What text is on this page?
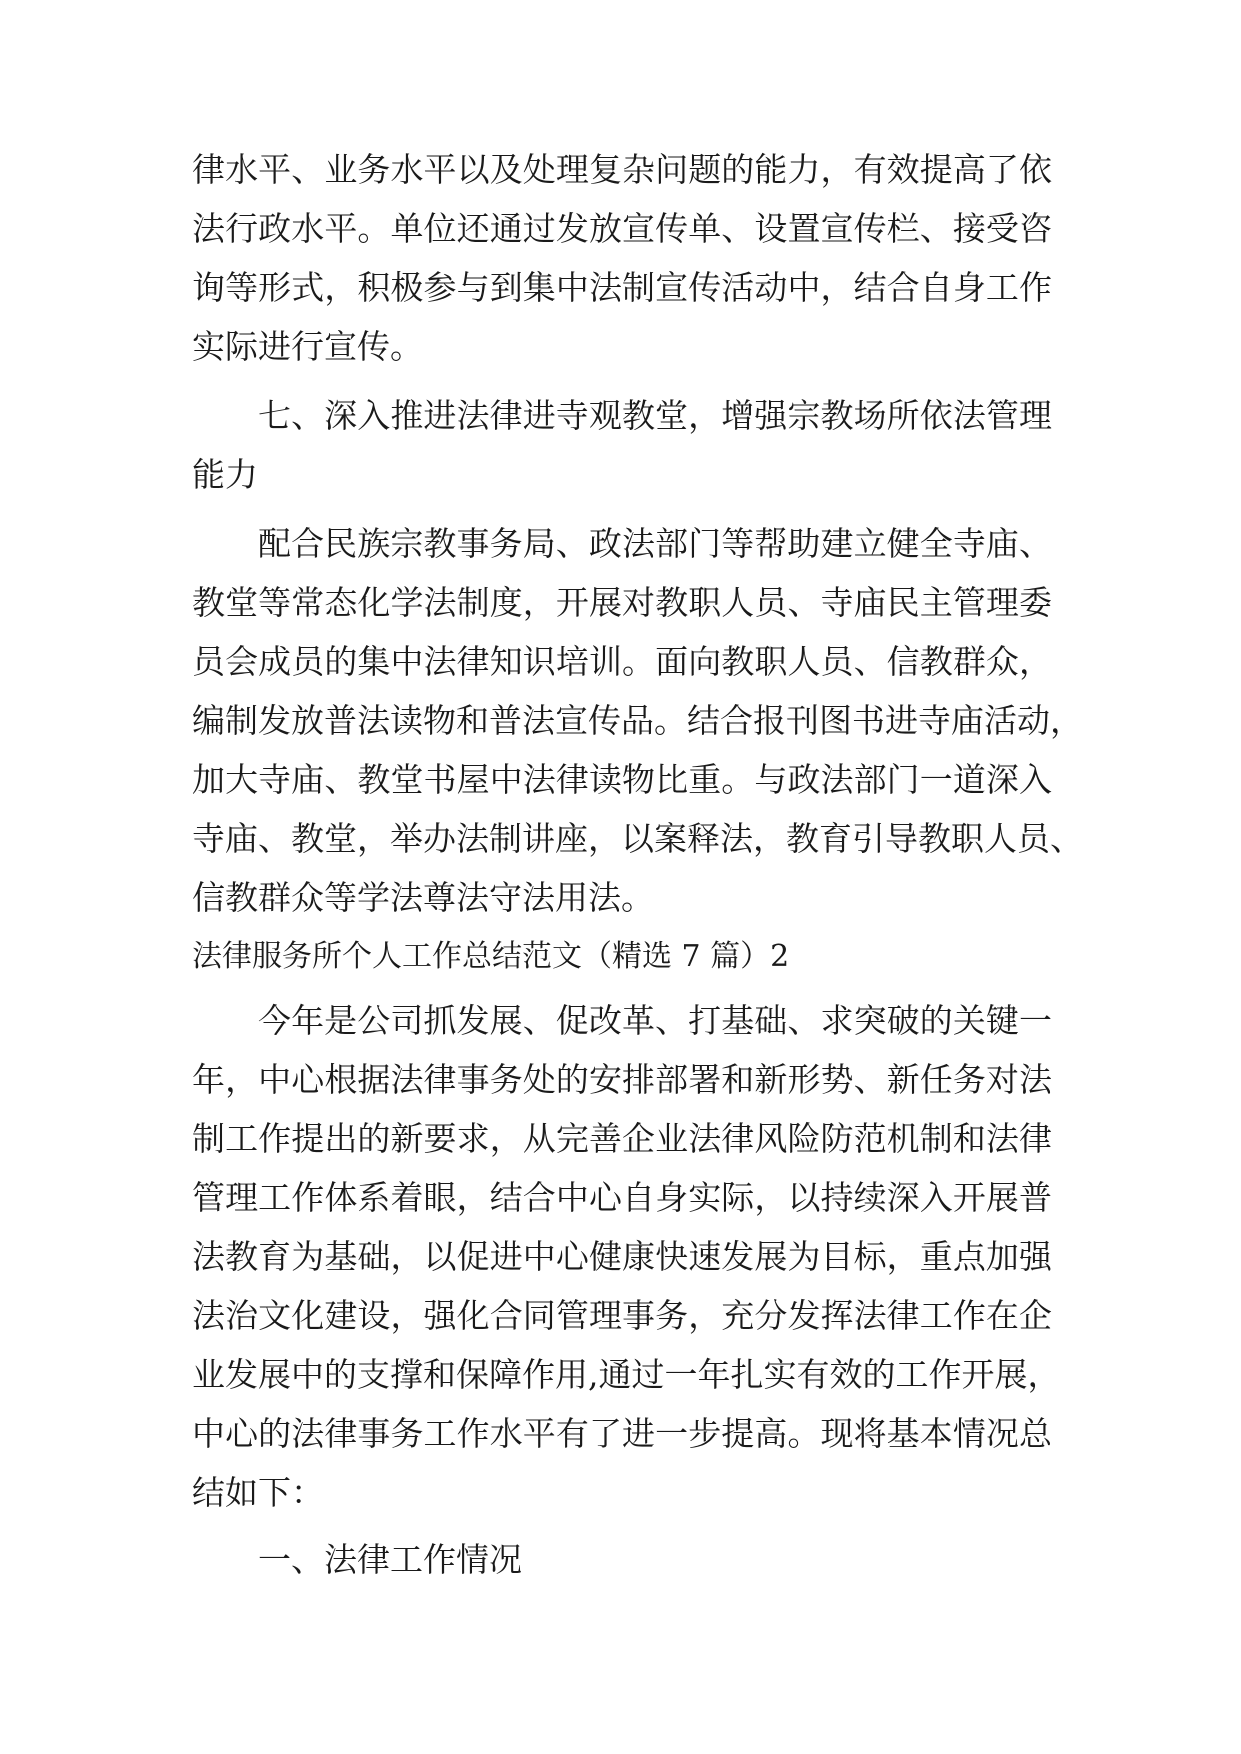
律水平、业务水平以及处理复杂问题的能力，有效提高了依
法行政水平。单位还通过发放宣传单、设置宣传栏、接受咨
询等形式，积极参与到集中法制宣传活动中，结合自身工作
实际进行宣传。
七、深入推进法律进寺观教堂，增强宗教场所依法管理
能力
配合民族宗教事务局、政法部门等帮助建立健全寺庙、
教堂等常态化学法制度，开展对教职人员、寺庙民主管理委
员会成员的集中法律知识培训。面向教职人员、信教群众，
编制发放普法读物和普法宣传品。结合报刊图书进寺庙活动，
加大寺庙、教堂书屋中法律读物比重。与政法部门一道深入
寺庙、教堂，举办法制讲座，以案释法，教育引导教职人员、
信教群众等学法尊法守法用法。
法律服务所个人工作总结范文（精选 7 篇）2
今年是公司抓发展、促改革、打基础、求突破的关键一
年，中心根据法律事务处的安排部署和新形势、新任务对法
制工作提出的新要求，从完善企业法律风险防范机制和法律
管理工作体系着眼，结合中心自身实际，以持续深入开展普
法教育为基础，以促进中心健康快速发展为目标，重点加强
法治文化建设，强化合同管理事务，充分发挥法律工作在企
业发展中的支撑和保障作用,通过一年扎实有效的工作开展，
中心的法律事务工作水平有了进一步提高。现将基本情况总
结如下：
一、法律工作情况
